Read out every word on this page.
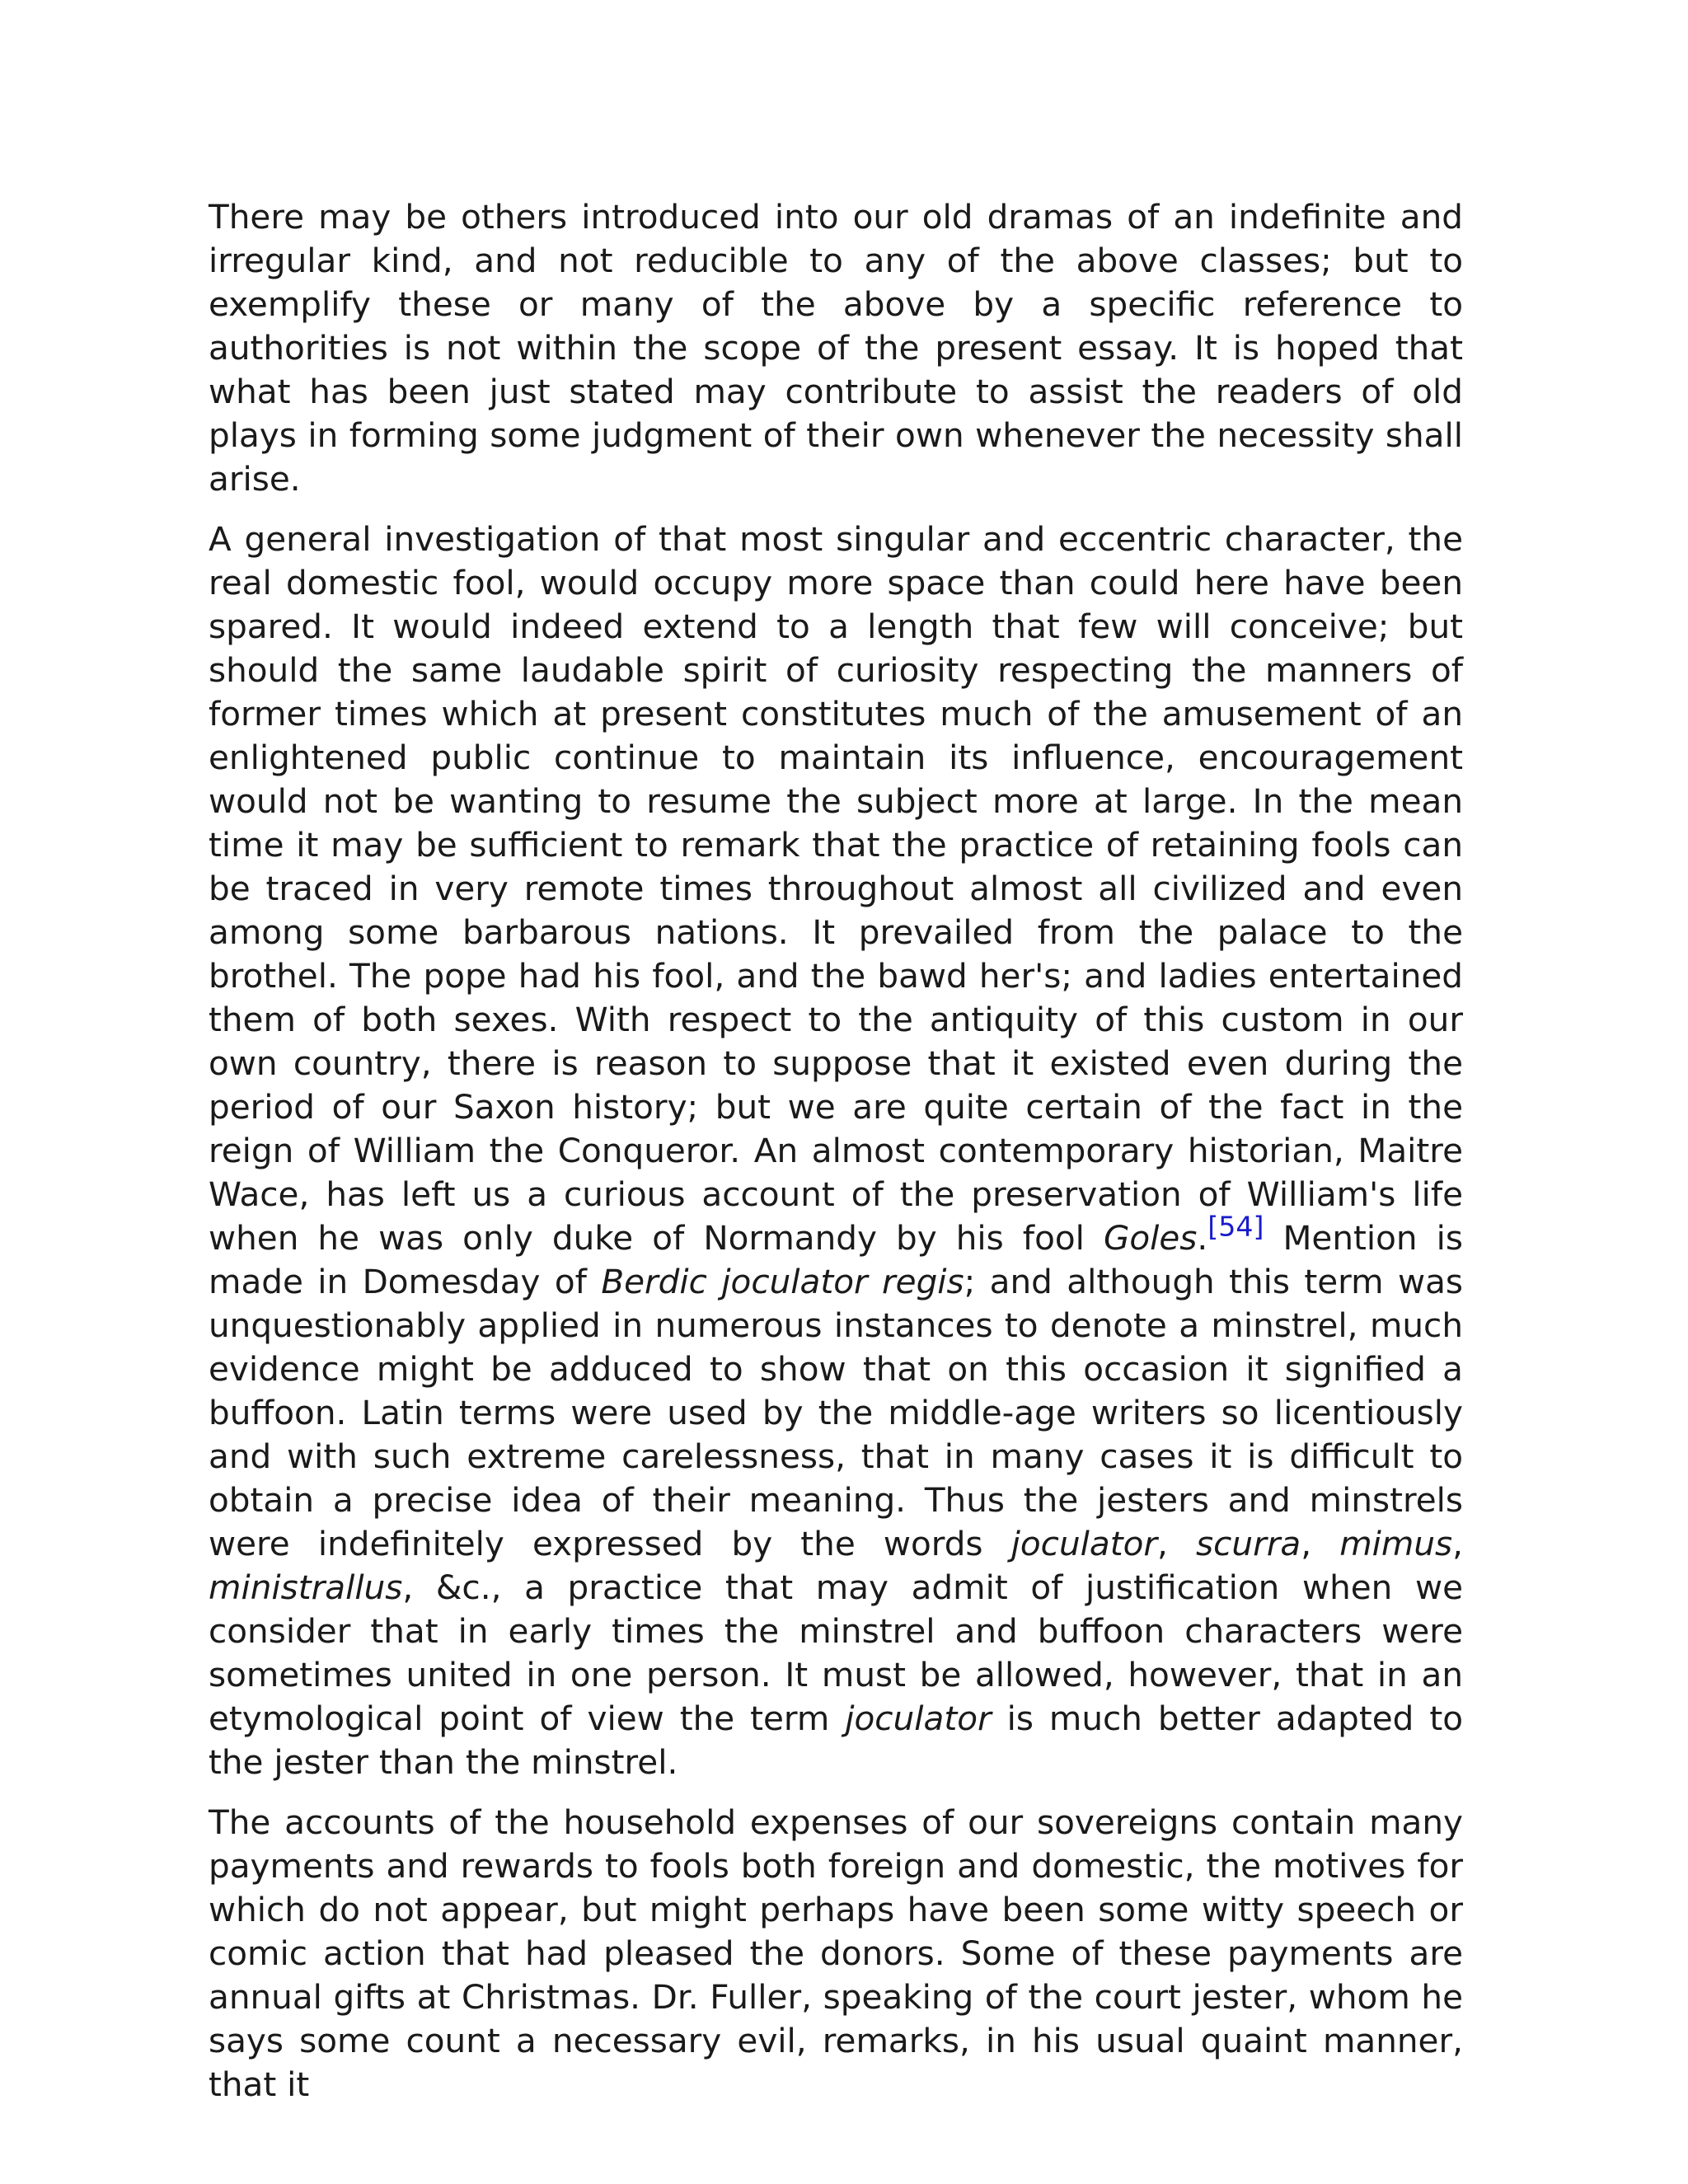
There may be others introduced into our old dramas of an indefinite and irregular kind, and not reducible to any of the above classes; but to exemplify these or many of the above by a specific reference to authorities is not within the scope of the present essay. It is hoped that what has been just stated may contribute to assist the readers of old plays in forming some judgment of their own whenever the necessity shall arise.

A general investigation of that most singular and eccentric character, the real domestic fool, would occupy more space than could here have been spared. It would indeed extend to a length that few will conceive; but should the same laudable spirit of curiosity respecting the manners of former times which at present constitutes much of the amusement of an enlightened public continue to maintain its influence, encouragement would not be wanting to resume the subject more at large. In the mean time it may be sufficient to remark that the practice of retaining fools can be traced in very remote times throughout almost all civilized and even among some barbarous nations. It prevailed from the palace to the brothel. The pope had his fool, and the bawd her's; and ladies entertained them of both sexes. With respect to the antiquity of this custom in our own country, there is reason to suppose that it existed even during the period of our Saxon history; but we are quite certain of the fact in the reign of William the Conqueror. An almost contemporary historian, Maitre Wace, has left us a curious account of the preservation of William's life when he was only duke of Normandy by his fool Goles.[54] Mention is made in Domesday of Berdic joculator regis; and although this term was unquestionably applied in numerous instances to denote a minstrel, much evidence might be adduced to show that on this occasion it signified a buffoon. Latin terms were used by the middle-age writers so licentiously and with such extreme carelessness, that in many cases it is difficult to obtain a precise idea of their meaning. Thus the jesters and minstrels were indefinitely expressed by the words joculator, scurra, mimus, ministrallus, &c., a practice that may admit of justification when we consider that in early times the minstrel and buffoon characters were sometimes united in one person. It must be allowed, however, that in an etymological point of view the term joculator is much better adapted to the jester than the minstrel.

The accounts of the household expenses of our sovereigns contain many payments and rewards to fools both foreign and domestic, the motives for which do not appear, but might perhaps have been some witty speech or comic action that had pleased the donors. Some of these payments are annual gifts at Christmas. Dr. Fuller, speaking of the court jester, whom he says some count a necessary evil, remarks, in his usual quaint manner, that it
